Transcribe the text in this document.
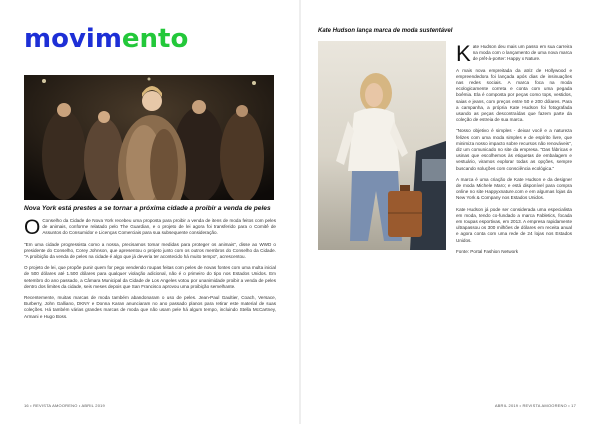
movimento
Nova York está prestes a se tornar a próxima cidade a proibir a venda de peles

O Conselho da Cidade de Nova York recebeu uma proposta para proibir a venda de itens de moda feitos com peles de animais, conforme relatado pelo The Guardian, e o projeto de lei agora foi transferido para o Comitê de Assuntos do Consumidor e Licenças Comerciais para sua subsequente consideração.

"Em uma cidade progressista como a nossa, precisamos tomar medidas para proteger os animais", disse ao WWD o presidente do Conselho, Corey Johnson, que apresentou o projeto junto com os outros membros do Conselho da Cidade. "A proibição da venda de peles na cidade é algo que já deveria ter acontecido há muito tempo", acrescentou.

O projeto de lei, que propõe punir quem for pego vendendo roupas feitas com peles de novas fontes com uma multa inicial de 500 dólares até 1.500 dólares para qualquer violação adicional, não é o primeiro do tipo nos Estados Unidos. Em setembro do ano passado, a Câmara Municipal da Cidade de Los Angeles votou por unanimidade proibir a venda de peles dentro dos limites da cidade, seis meses depois que San Francisco aprovou uma proibição semelhante.

Recentemente, muitas marcas de moda também abandonaram o uso de peles. Jean-Paul Gaultier, Coach, Versace, Burberry, John Galliano, DKNY e Donna Karan anunciaram no ano passado planos para retirar este material de suas coleções. Há também várias grandes marcas de moda que não usam pele há algum tempo, incluindo Stella McCartney, Armani e Hugo Boss.

16 • REVISTA AMOORENO • ABRIL 2019
Kate Hudson lança marca de moda sustentável

Kate Hudson deu mais um passo em sua carreira na moda com o lançamento de uma nova marca de prêt-à-porter: Happy x Nature.

A mais nova empreitada da atriz de Hollywood e empreendedora foi lançada após dias de insinuações nas redes sociais. A marca foca na moda ecologicamente correta e conta com uma pegada boêmia. Ela é composta por peças como tops, vestidos, saias e jeans, com preços entre 50 e 200 dólares. Para a campanha, a própria Kate Hudson foi fotografada usando as peças descontraídas que fazem parte da coleção de estreia de sua marca.

"Nosso objetivo é simples - deixar você e a natureza felizes com uma moda simples e de espírito livre, que minimiza nosso impacto sobre recursos não renováveis", diz um comunicado no site da empresa. "Das fábricas e usinas que escolhemos às etiquetas de embalagem e vestuário, viramos explorar todas as opções, sempre buscando soluções com consciência ecológica."

A marca é uma criação de Kate Hudson e da designer de moda Michele Maro; e está disponível para compra online no site Happyxnature.com e em algumas lojas da New York & Company nos Estados Unidos.

Kate Hudson já pode ser considerada uma especialista em moda, tendo co-fundado a marca Fabletics, focada em roupas esportivas, em 2013. A empresa rapidamente ultrapassou os 300 milhões de dólares em receita anual e agora conta com uma rede de 24 lojas nos Estados Unidos.

Fonte: Portal Fashion Network

ABRIL 2019 • REVISTA AMOORENO • 17
